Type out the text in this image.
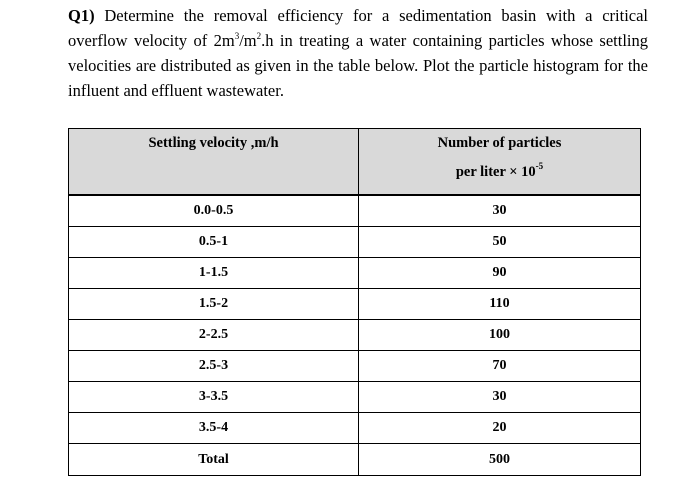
Q1) Determine the removal efficiency for a sedimentation basin with a critical overflow velocity of $2m^3/m^2.h$ in treating a water containing particles whose settling velocities are distributed as given in the table below. Plot the particle histogram for the influent and effluent wastewater.

Settling velocity ,m/h	Number of particles
per liter × $10^{-5}$

0.0-0.5	30
0.5-1	50
1-1.5	90
1.5-2	110
2-2.5	100
2.5-3	70
3-3.5	30
3.5-4	20
Total	500
